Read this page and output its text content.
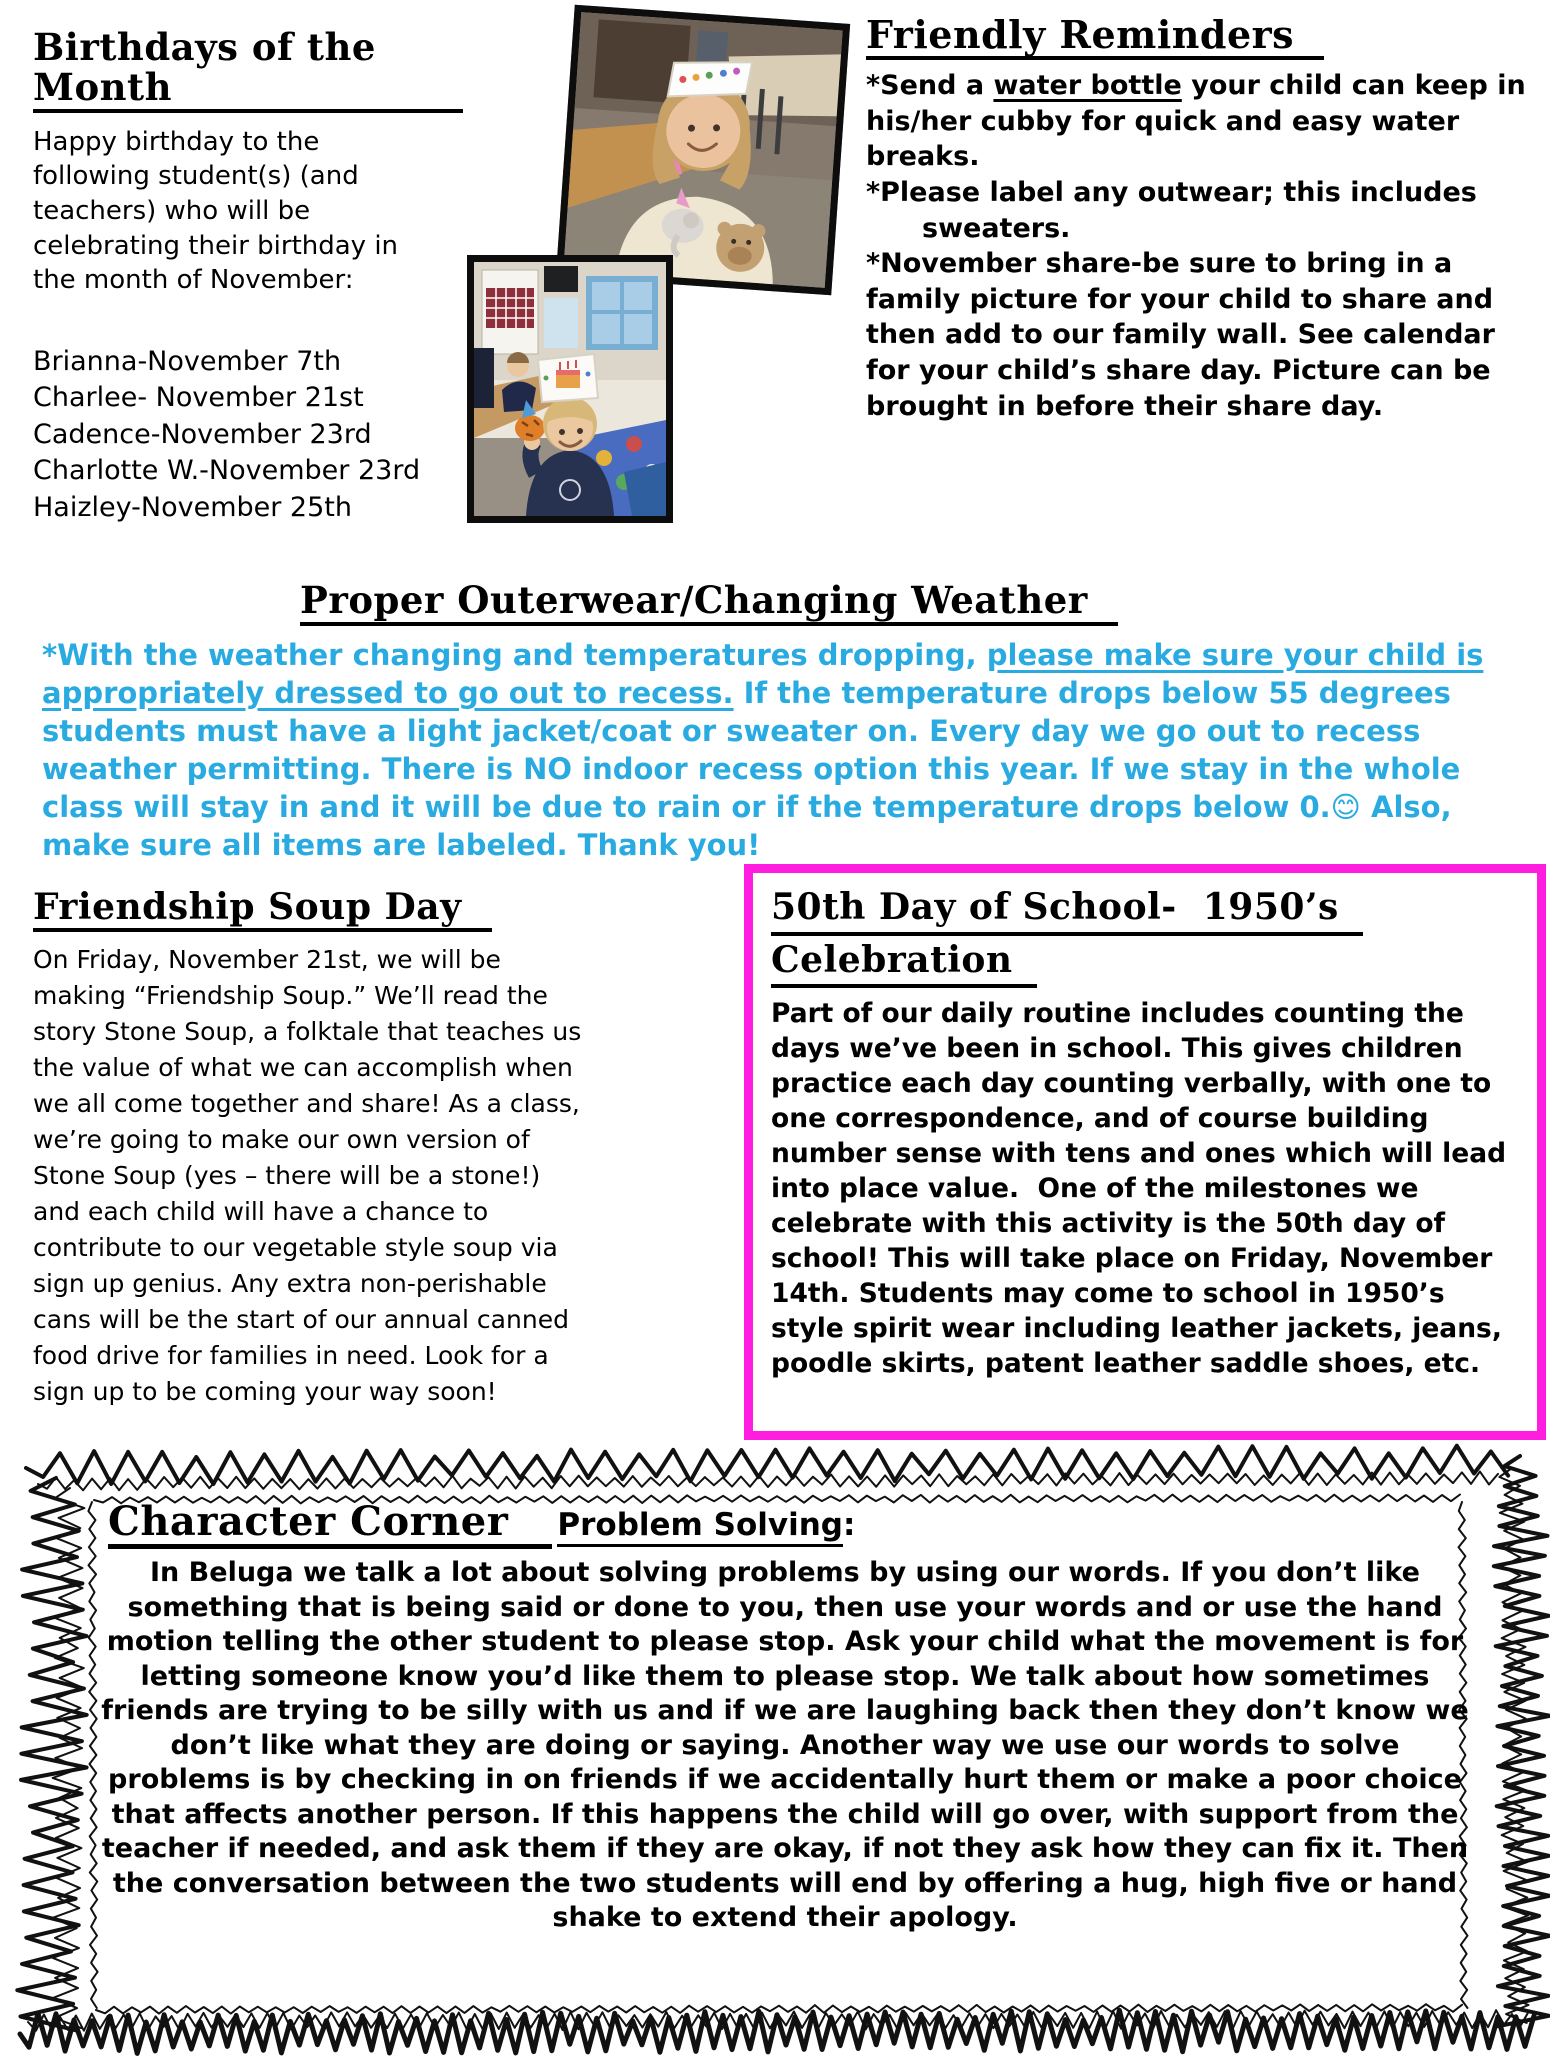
Birthdays of the Month

Happy birthday to the following student(s) (and teachers) who will be celebrating their birthday in the month of November:

Brianna-November 7th
Charlee- November 21st
Cadence-November 23rd
Charlotte W.-November 23rd
Haizley-November 25th
Friendly Reminders
*Send a water bottle your child can keep in his/her cubby for quick and easy water breaks.
*Please label any outwear; this includes
sweaters.
*November share-be sure to bring in a family picture for your child to share and then add to our family wall. See calendar for your child’s share day. Picture can be brought in before their share day.
Proper Outerwear/Changing Weather

*With the weather changing and temperatures dropping, please make sure your child is appropriately dressed to go out to recess. If the temperature drops below 55 degrees students must have a light jacket/coat or sweater on. Every day we go out to recess weather permitting. There is NO indoor recess option this year. If we stay in the whole class will stay in and it will be due to rain or if the temperature drops below 0.😊 Also, make sure all items are labeled. Thank you!

Friendship Soup Day

On Friday, November 21st, we will be making “Friendship Soup.” We’ll read the story Stone Soup, a folktale that teaches us the value of what we can accomplish when we all come together and share! As a class, we’re going to make our own version of Stone Soup (yes – there will be a stone!) and each child will have a chance to contribute to our vegetable style soup via sign up genius. Any extra non-perishable cans will be the start of our annual canned food drive for families in need. Look for a sign up to be coming your way soon!

50th Day of School-  1950’s
Celebration

Part of our daily routine includes counting the days we’ve been in school. This gives children practice each day counting verbally, with one to one correspondence, and of course building number sense with tens and ones which will lead into place value.  One of the milestones we celebrate with this activity is the 50th day of school! This will take place on Friday, November 14th. Students may come to school in 1950’s style spirit wear including leather jackets, jeans, poodle skirts, patent leather saddle shoes, etc.

Character Corner Problem Solving:

In Beluga we talk a lot about solving problems by using our words. If you don’t like something that is being said or done to you, then use your words and or use the hand motion telling the other student to please stop. Ask your child what the movement is for letting someone know you’d like them to please stop. We talk about how sometimes friends are trying to be silly with us and if we are laughing back then they don’t know we don’t like what they are doing or saying. Another way we use our words to solve problems is by checking in on friends if we accidentally hurt them or make a poor choice that affects another person. If this happens the child will go over, with support from the teacher if needed, and ask them if they are okay, if not they ask how they can fix it. Then the conversation between the two students will end by offering a hug, high five or hand shake to extend their apology.
